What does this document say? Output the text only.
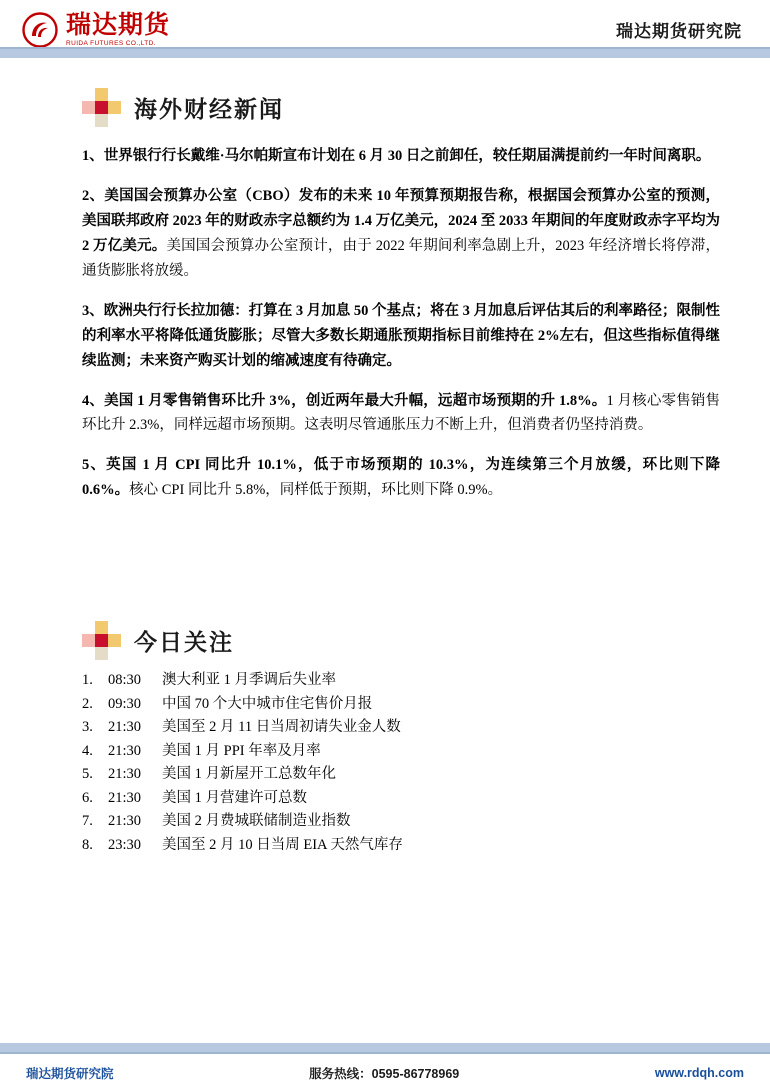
瑞达期货
RUIDA FUTURES CO.,LTD.
瑞达期货研究院
海外财经新闻

1、世界银行行长戴维·马尔帕斯宣布计划在 6 月 30 日之前卸任，较任期届满提前约一年时间离职。

2、美国国会预算办公室（CBO）发布的未来 10 年预算预期报告称，根据国会预算办公室的预测，美国联邦政府 2023 年的财政赤字总额约为 1.4 万亿美元，2024 至 2033 年期间的年度财政赤字平均为 2 万亿美元。美国国会预算办公室预计，由于 2022 年期间利率急剧上升，2023 年经济增长将停滞，通货膨胀将放缓。

3、欧洲央行行长拉加德：打算在 3 月加息 50 个基点；将在 3 月加息后评估其后的利率路径；限制性的利率水平将降低通货膨胀；尽管大多数长期通胀预期指标目前维持在 2%左右，但这些指标值得继续监测；未来资产购买计划的缩减速度有待确定。

4、美国 1 月零售销售环比升 3%，创近两年最大升幅，远超市场预期的升 1.8%。1 月核心零售销售环比升 2.3%，同样远超市场预期。这表明尽管通胀压力不断上升，但消费者仍坚持消费。

5、英国 1 月 CPI 同比升 10.1%，低于市场预期的 10.3%，为连续第三个月放缓，环比则下降 0.6%。核心 CPI 同比升 5.8%，同样低于预期，环比则下降 0.9%。

今日关注
1.	08:30	澳大利亚 1 月季调后失业率
2.	09:30	中国 70 个大中城市住宅售价月报
3.	21:30	美国至 2 月 11 日当周初请失业金人数
4.	21:30	美国 1 月 PPI 年率及月率
5.	21:30	美国 1 月新屋开工总数年化
6.	21:30	美国 1 月营建许可总数
7.	21:30	美国 2 月费城联储制造业指数
8.	23:30	美国至 2 月 10 日当周 EIA 天然气库存
瑞达期货研究院	服务热线：0595-86778969	www.rdqh.com
